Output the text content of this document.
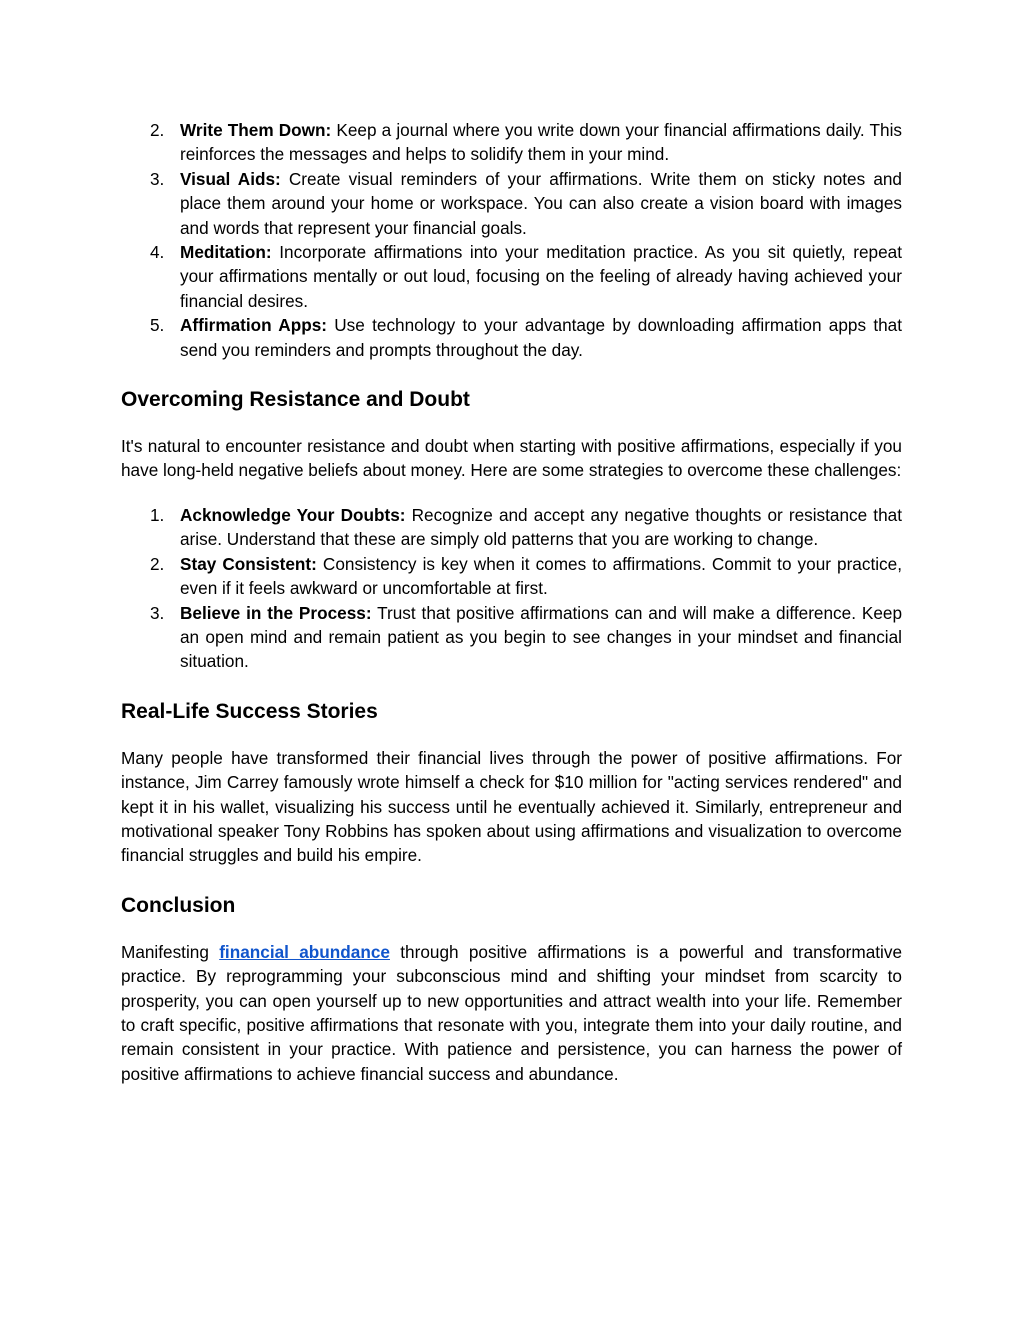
2. Write Them Down: Keep a journal where you write down your financial affirmations daily. This reinforces the messages and helps to solidify them in your mind.
3. Visual Aids: Create visual reminders of your affirmations. Write them on sticky notes and place them around your home or workspace. You can also create a vision board with images and words that represent your financial goals.
4. Meditation: Incorporate affirmations into your meditation practice. As you sit quietly, repeat your affirmations mentally or out loud, focusing on the feeling of already having achieved your financial desires.
5. Affirmation Apps: Use technology to your advantage by downloading affirmation apps that send you reminders and prompts throughout the day.
Overcoming Resistance and Doubt

It's natural to encounter resistance and doubt when starting with positive affirmations, especially if you have long-held negative beliefs about money. Here are some strategies to overcome these challenges:

1. Acknowledge Your Doubts: Recognize and accept any negative thoughts or resistance that arise. Understand that these are simply old patterns that you are working to change.
2. Stay Consistent: Consistency is key when it comes to affirmations. Commit to your practice, even if it feels awkward or uncomfortable at first.
3. Believe in the Process: Trust that positive affirmations can and will make a difference. Keep an open mind and remain patient as you begin to see changes in your mindset and financial situation.
Real-Life Success Stories

Many people have transformed their financial lives through the power of positive affirmations. For instance, Jim Carrey famously wrote himself a check for $10 million for "acting services rendered" and kept it in his wallet, visualizing his success until he eventually achieved it. Similarly, entrepreneur and motivational speaker Tony Robbins has spoken about using affirmations and visualization to overcome financial struggles and build his empire.

Conclusion

Manifesting financial abundance through positive affirmations is a powerful and transformative practice. By reprogramming your subconscious mind and shifting your mindset from scarcity to prosperity, you can open yourself up to new opportunities and attract wealth into your life. Remember to craft specific, positive affirmations that resonate with you, integrate them into your daily routine, and remain consistent in your practice. With patience and persistence, you can harness the power of positive affirmations to achieve financial success and abundance.
